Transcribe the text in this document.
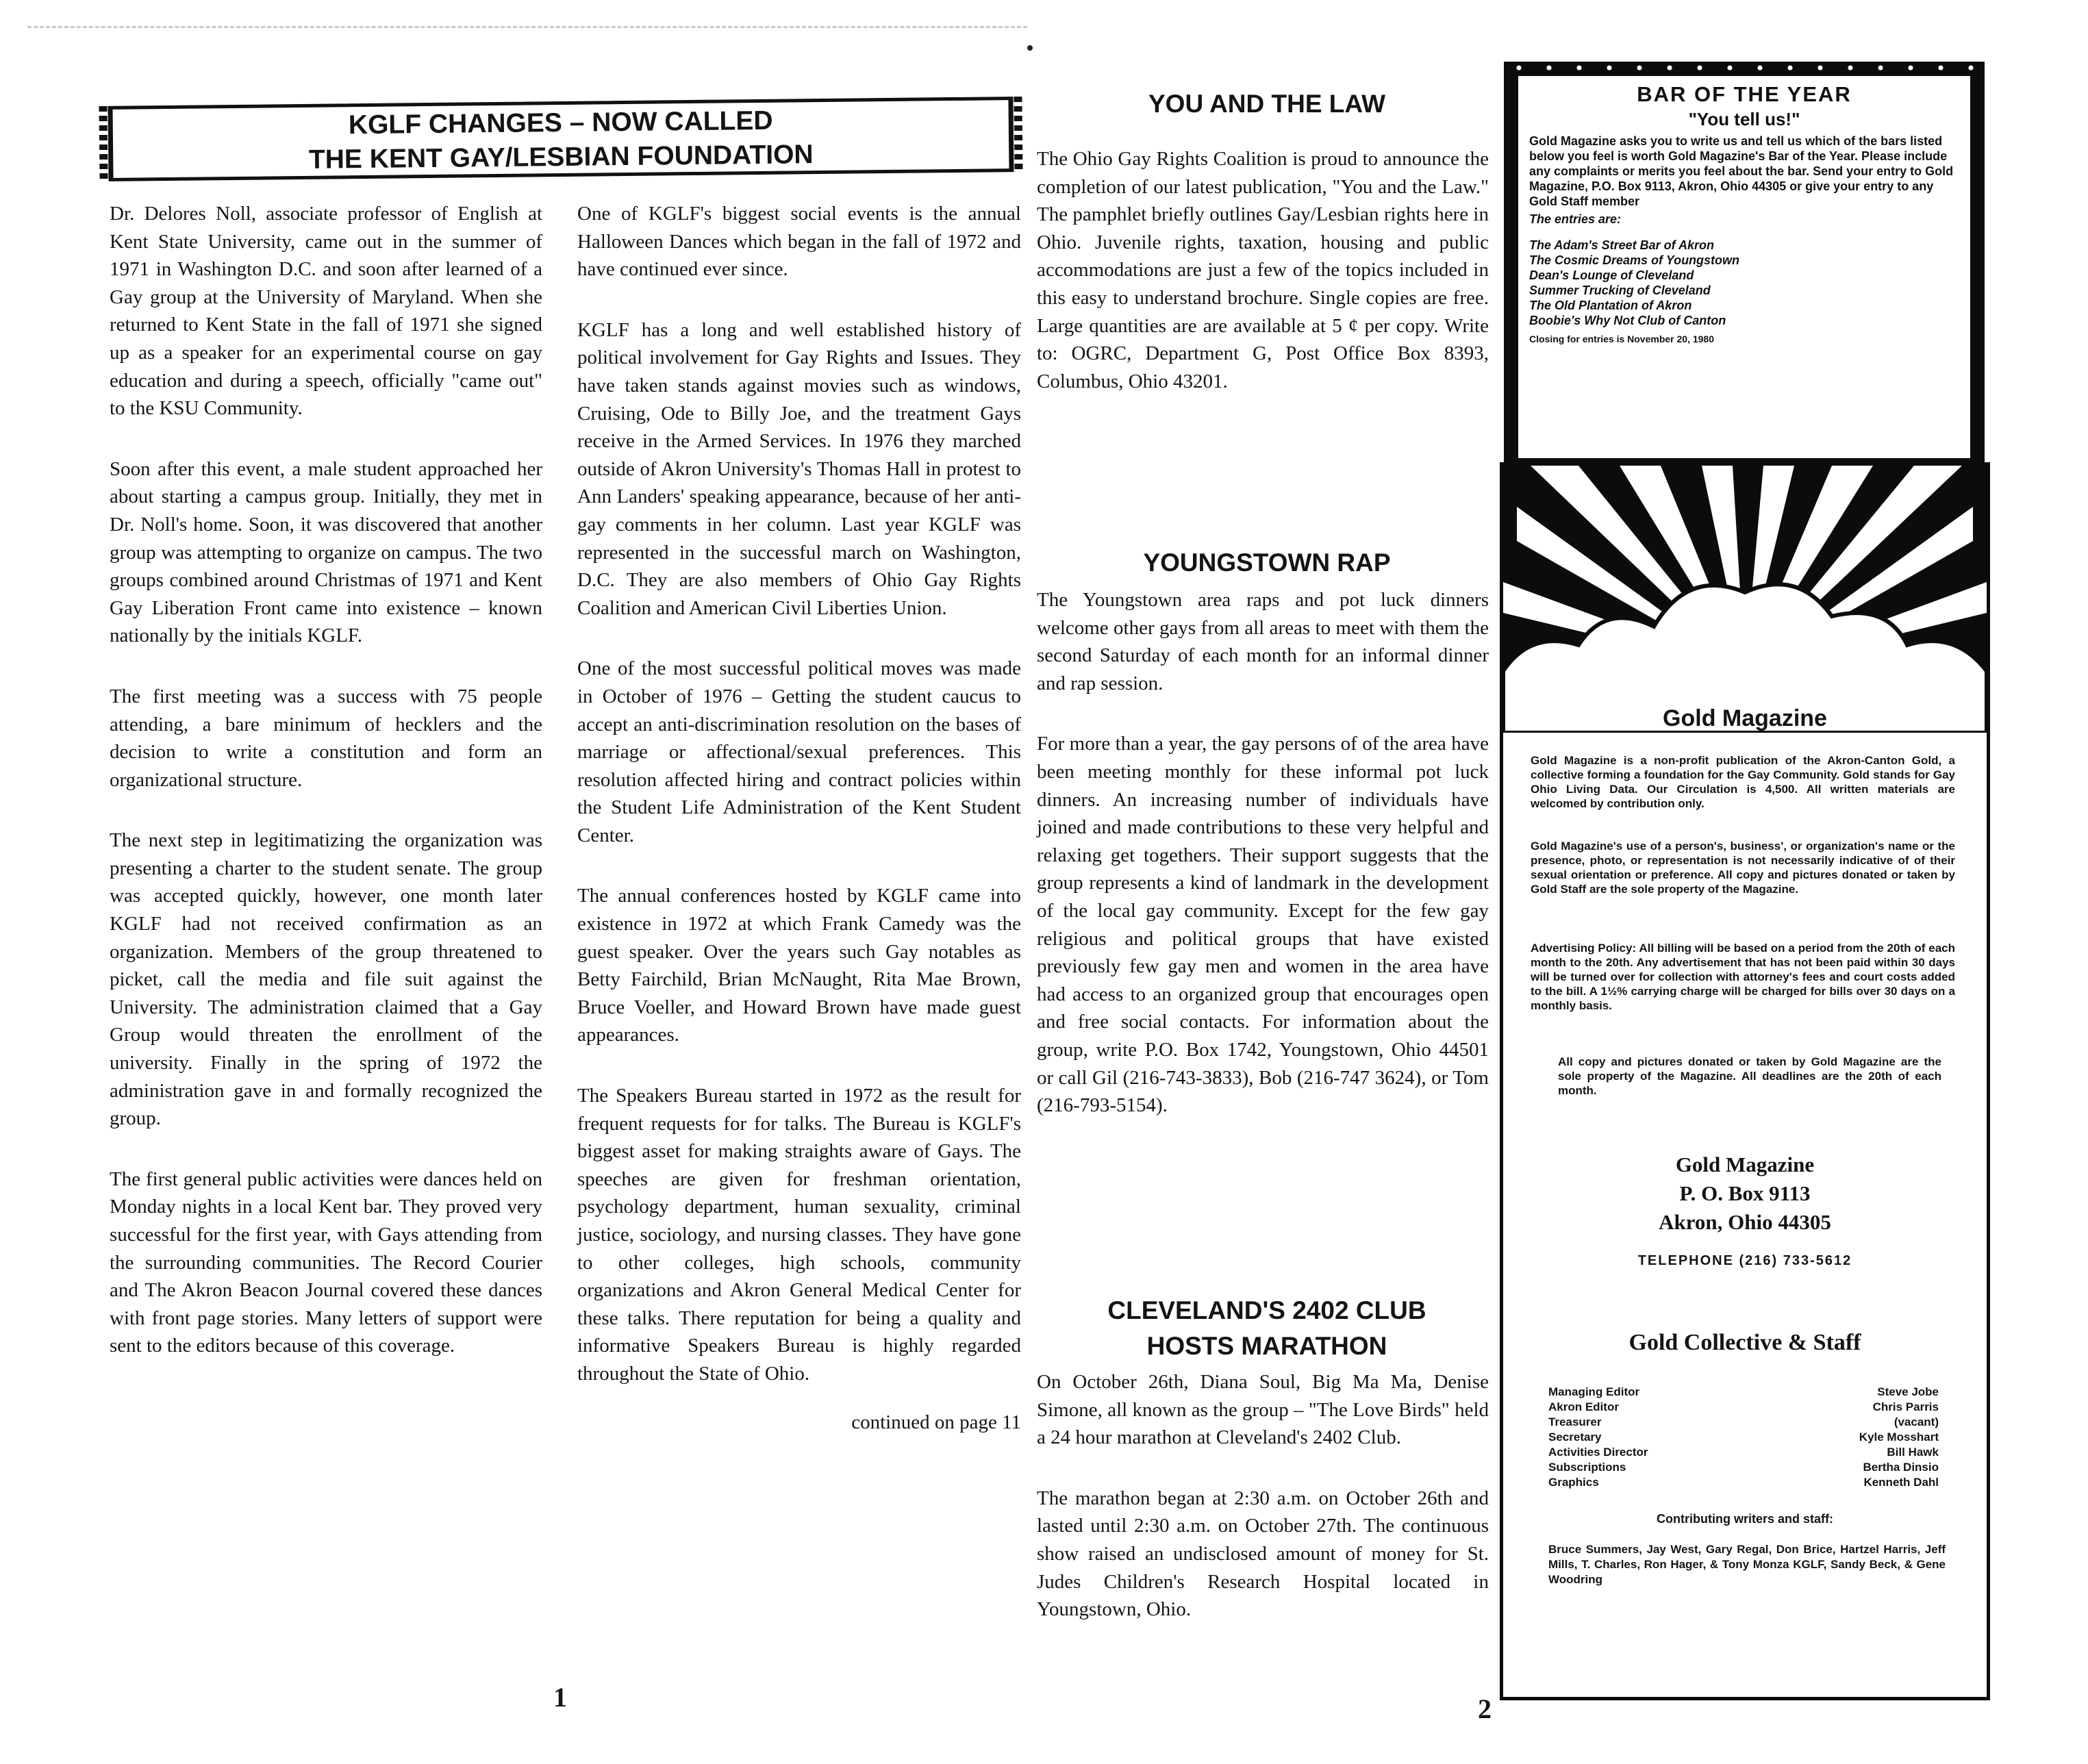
KGLF CHANGES – NOW CALLED
THE KENT GAY/LESBIAN FOUNDATION

Dr. Delores Noll, associate professor of English at Kent State University, came out in the summer of 1971 in Washington D.C. and soon after learned of a Gay group at the University of Maryland. When she returned to Kent State in the fall of 1971 she signed up as a speaker for an experimental course on gay education and during a speech, officially "came out" to the KSU Community.

Soon after this event, a male student approached her about starting a campus group. Initially, they met in Dr. Noll's home. Soon, it was discovered that another group was attempting to organize on campus. The two groups combined around Christmas of 1971 and Kent Gay Liberation Front came into existence – known nationally by the initials KGLF.

The first meeting was a success with 75 people attending, a bare minimum of hecklers and the decision to write a constitution and form an organizational structure.

The next step in legitimatizing the organization was presenting a charter to the student senate. The group was accepted quickly, however, one month later KGLF had not received confirmation as an organization. Members of the group threatened to picket, call the media and file suit against the University. The administration claimed that a Gay Group would threaten the enrollment of the university. Finally in the spring of 1972 the administration gave in and formally recognized the group.

The first general public activities were dances held on Monday nights in a local Kent bar. They proved very successful for the first year, with Gays attending from the surrounding communities. The Record Courier and The Akron Beacon Journal covered these dances with front page stories. Many letters of support were sent to the editors because of this coverage.

One of KGLF's biggest social events is the annual Halloween Dances which began in the fall of 1972 and have continued ever since.

KGLF has a long and well established history of political involvement for Gay Rights and Issues. They have taken stands against movies such as windows, Cruising, Ode to Billy Joe, and the treatment Gays receive in the Armed Services. In 1976 they marched outside of Akron University's Thomas Hall in protest to Ann Landers' speaking appearance, because of her anti-gay comments in her column. Last year KGLF was represented in the successful march on Washington, D.C. They are also members of Ohio Gay Rights Coalition and American Civil Liberties Union.

One of the most successful political moves was made in October of 1976 – Getting the student caucus to accept an anti-discrimination resolution on the bases of marriage or affectional/sexual preferences. This resolution affected hiring and contract policies within the Student Life Administration of the Kent Student Center.

The annual conferences hosted by KGLF came into existence in 1972 at which Frank Camedy was the guest speaker. Over the years such Gay notables as Betty Fairchild, Brian McNaught, Rita Mae Brown, Bruce Voeller, and Howard Brown have made guest appearances.

The Speakers Bureau started in 1972 as the result for frequent requests for for talks. The Bureau is KGLF's biggest asset for making straights aware of Gays. The speeches are given for freshman orientation, psychology department, human sexuality, criminal justice, sociology, and nursing classes. They have gone to other colleges, high schools, community organizations and Akron General Medical Center for these talks. There reputation for being a quality and informative Speakers Bureau is highly regarded throughout the State of Ohio.

continued on page 11

1
YOU AND THE LAW

The Ohio Gay Rights Coalition is proud to announce the completion of our latest publication, "You and the Law." The pamphlet briefly outlines Gay/Lesbian rights here in Ohio. Juvenile rights, taxation, housing and public accommodations are just a few of the topics included in this easy to understand brochure. Single copies are free. Large quantities are are available at 5 ¢ per copy. Write to: OGRC, Department G, Post Office Box 8393, Columbus, Ohio 43201.

YOUNGSTOWN RAP

The Youngstown area raps and pot luck dinners welcome other gays from all areas to meet with them the second Saturday of each month for an informal dinner and rap session.

For more than a year, the gay persons of of the area have been meeting monthly for these informal pot luck dinners. An increasing number of individuals have joined and made contributions to these very helpful and relaxing get togethers. Their support suggests that the group represents a kind of landmark in the development of the local gay community. Except for the few gay religious and political groups that have existed previously few gay men and women in the area have had access to an organized group that encourages open and free social contacts. For information about the group, write P.O. Box 1742, Youngstown, Ohio 44501 or call Gil (216-743-3833), Bob (216-747 3624), or Tom (216-793-5154).

CLEVELAND'S 2402 CLUB
HOSTS MARATHON

On October 26th, Diana Soul, Big Ma Ma, Denise Simone, all known as the group – "The Love Birds" held a 24 hour marathon at Cleveland's 2402 Club.

The marathon began at 2:30 a.m. on October 26th and lasted until 2:30 a.m. on October 27th. The continuous show raised an undisclosed amount of money for St. Judes Children's Research Hospital located in Youngstown, Ohio.

2
BAR OF THE YEAR
"You tell us!"
Gold Magazine asks you to write us and tell us which of the bars listed below you feel is worth Gold Magazine's Bar of the Year. Please include any complaints or merits you feel about the bar. Send your entry to Gold Magazine, P.O. Box 9113, Akron, Ohio 44305 or give your entry to any Gold Staff member
The entries are:
The Adam's Street Bar of Akron
The Cosmic Dreams of Youngstown
Dean's Lounge of Cleveland
Summer Trucking of Cleveland
The Old Plantation of Akron
Boobie's Why Not Club of Canton
Closing for entries is November 20, 1980
Gold Magazine
Gold Magazine is a non-profit publication of the Akron-Canton Gold, a collective forming a foundation for the Gay Community. Gold stands for Gay Ohio Living Data. Our Circulation is 4,500. All written materials are welcomed by contribution only.
Gold Magazine's use of a person's, business', or organization's name or the presence, photo, or representation is not necessarily indicative of of their sexual orientation or preference. All copy and pictures donated or taken by Gold Staff are the sole property of the Magazine.
Advertising Policy: All billing will be based on a period from the 20th of each month to the 20th. Any advertisement that has not been paid within 30 days will be turned over for collection with attorney's fees and court costs added to the bill. A 1½% carrying charge will be charged for bills over 30 days on a monthly basis.
All copy and pictures donated or taken by Gold Magazine are the sole property of the Magazine. All deadlines are the 20th of each month.
Gold Magazine
P. O. Box 9113
Akron, Ohio 44305
TELEPHONE (216) 733-5612
Gold Collective & Staff
Managing Editor	Steve Jobe
Akron Editor	Chris Parris
Treasurer	(vacant)
Secretary	Kyle Mosshart
Activities Director	Bill Hawk
Subscriptions	Bertha Dinsio
Graphics	Kenneth Dahl
Contributing writers and staff:
Bruce Summers, Jay West, Gary Regal, Don Brice, Hartzel Harris, Jeff Mills, T. Charles, Ron Hager, & Tony Monza KGLF, Sandy Beck, & Gene Woodring
